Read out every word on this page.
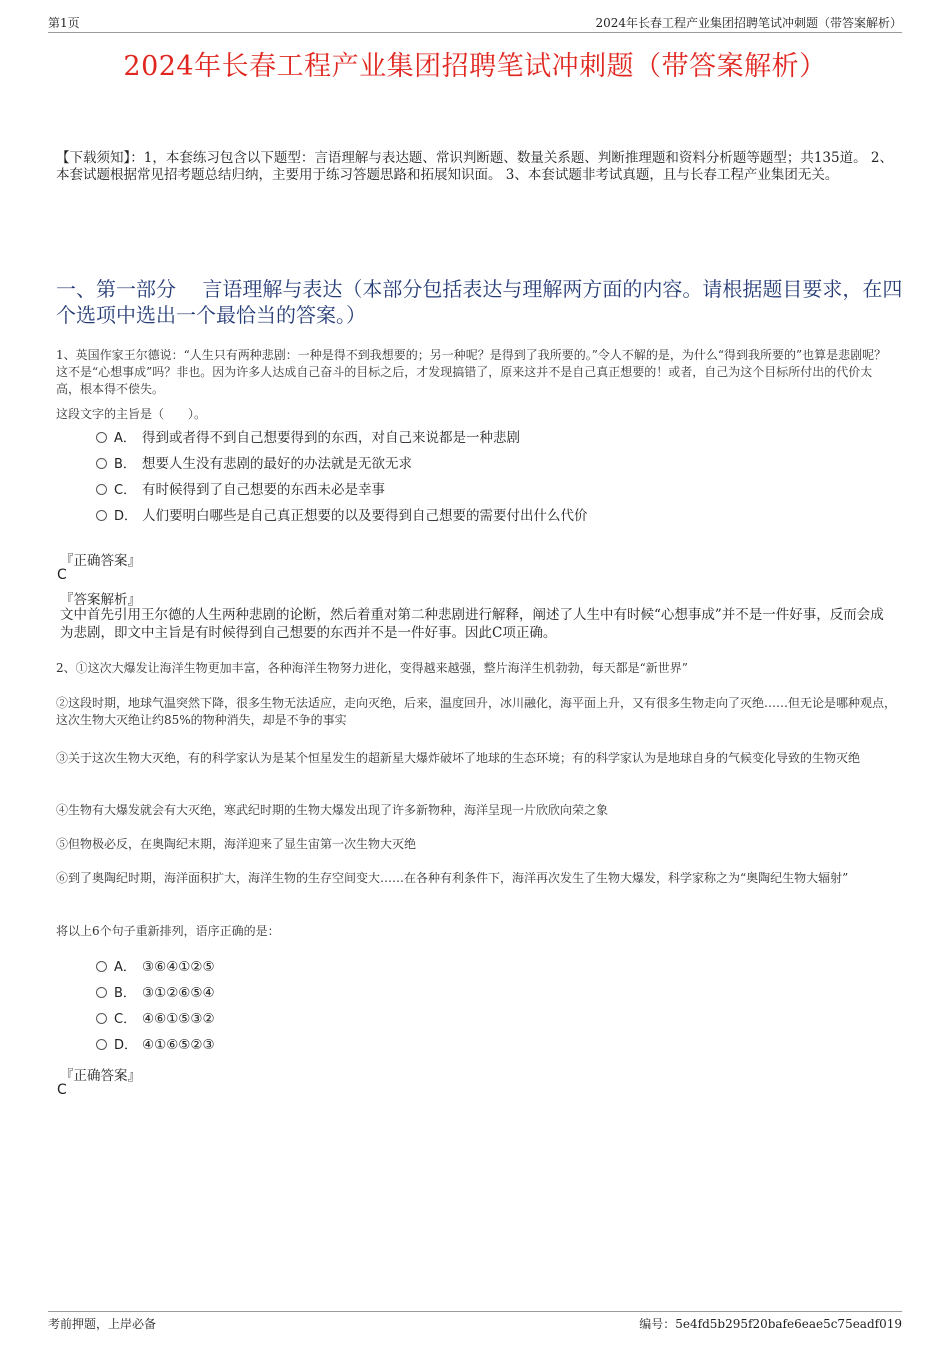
第1页	2024年长春工程产业集团招聘笔试冲刺题（带答案解析）
2024年长春工程产业集团招聘笔试冲刺题（带答案解析）
【下载须知】：1，本套练习包含以下题型：言语理解与表达题、常识判断题、数量关系题、判断推理题和资料分析题等题型；共135道。 2、本套试题根据常见招考题总结归纳，主要用于练习答题思路和拓展知识面。 3、本套试题非考试真题，且与长春工程产业集团无关。
一、第一部分　 言语理解与表达（本部分包括表达与理解两方面的内容。请根据题目要求，在四个选项中选出一个最恰当的答案。）
1、英国作家王尔德说：“人生只有两种悲剧：一种是得不到我想要的；另一种呢？是得到了我所要的。”令人不解的是，为什么“得到我所要的”也算是悲剧呢？这不是“心想事成”吗？非也。因为许多人达成自己奋斗的目标之后，才发现搞错了，原来这并不是自己真正想要的！或者，自己为这个目标所付出的代价太高，根本得不偿失。
这段文字的主旨是（　　）。
A． 得到或者得不到自己想要得到的东西，对自己来说都是一种悲剧
B． 想要人生没有悲剧的最好的办法就是无欲无求
C． 有时候得到了自己想要的东西未必是幸事
D． 人们要明白哪些是自己真正想要的以及要得到自己想要的需要付出什么代价
『正确答案』
C
『答案解析』
文中首先引用王尔德的人生两种悲剧的论断，然后着重对第二种悲剧进行解释，阐述了人生中有时候“心想事成”并不是一件好事，反而会成为悲剧，即文中主旨是有时候得到自己想要的东西并不是一件好事。因此C项正确。
2、①这次大爆发让海洋生物更加丰富，各种海洋生物努力进化，变得越来越强，整片海洋生机勃勃，每天都是“新世界”
②这段时期，地球气温突然下降，很多生物无法适应，走向灭绝，后来，温度回升，冰川融化，海平面上升，又有很多生物走向了灭绝……但无论是哪种观点，这次生物大灭绝让约85%的物种消失，却是不争的事实
③关于这次生物大灭绝，有的科学家认为是某个恒星发生的超新星大爆炸破坏了地球的生态环境；有的科学家认为是地球自身的气候变化导致的生物灭绝
④生物有大爆发就会有大灭绝，寒武纪时期的生物大爆发出现了许多新物种，海洋呈现一片欣欣向荣之象
⑤但物极必反，在奥陶纪末期，海洋迎来了显生宙第一次生物大灭绝
⑥到了奥陶纪时期，海洋面积扩大，海洋生物的生存空间变大……在各种有利条件下，海洋再次发生了生物大爆发，科学家称之为“奥陶纪生物大辐射”
将以上6个句子重新排列，语序正确的是：
A． ③⑥④①②⑤
B． ③①②⑥⑤④
C． ④⑥①⑤③②
D． ④①⑥⑤②③
『正确答案』
C
考前押题，上岸必备	编号：5e4fd5b295f20bafe6eae5c75eadf019
